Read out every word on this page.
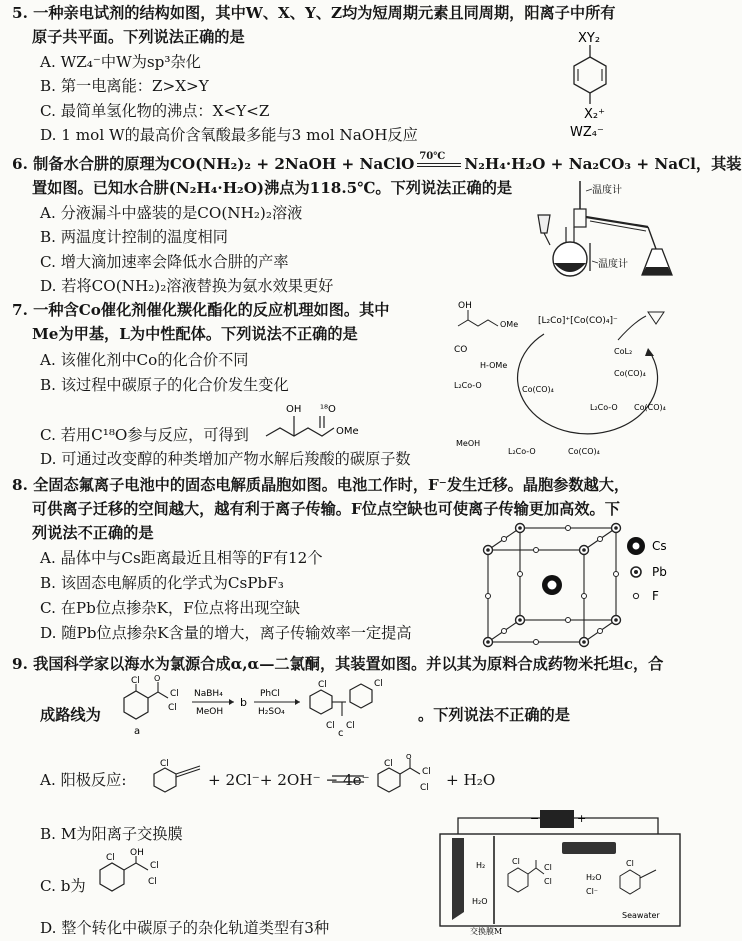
5. 一种亲电试剂的结构如图，其中W、X、Y、Z均为短周期元素且同周期，阳离子中所有
原子共平面。下列说法正确的是
A. WZ₄⁻中W为sp³杂化
B. 第一电离能：Z>X>Y
C. 最简单氢化物的沸点：X<Y<Z
D. 1 mol W的最高价含氧酸最多能与3 mol NaOH反应
XY₂
X₂⁺
WZ₄⁻
6. 制备水合肼的原理为CO(NH₂)₂ + 2NaOH + NaClO 70℃ N₂H₄·H₂O + Na₂CO₃ + NaCl，其装
置如图。已知水合肼(N₂H₄·H₂O)沸点为118.5℃。下列说法正确的是
A. 分液漏斗中盛装的是CO(NH₂)₂溶液
B. 两温度计控制的温度相同
C. 增大滴加速率会降低水合肼的产率
D. 若将CO(NH₂)₂溶液替换为氨水效果更好
温度计
温度计
7. 一种含Co催化剂催化羰化酯化的反应机理如图。其中
Me为甲基，L为中性配体。下列说法不正确的是
A. 该催化剂中Co的化合价不同
B. 该过程中碳原子的化合价发生变化
C. 若用C¹⁸O参与反应，可得到
OH ¹⁸O
OMe
D. 可通过改变醇的种类增加产物水解后羧酸的碳原子数
OH
OMe [L₂Co]⁺[Co(CO)₄]⁻
CO
H-OMe
CoL₂
Co(CO)₄
L₂Co-O	Co(CO)₄
L₂Co-O Co(CO)₄
MeOH
L₂Co-O	Co(CO)₄
8. 全固态氟离子电池中的固态电解质晶胞如图。电池工作时，F⁻发生迁移。晶胞参数越大，
可供离子迁移的空间越大，越有利于离子传输。F位点空缺也可使离子传输更加高效。下
列说法不正确的是
A. 晶体中与Cs距离最近且相等的F有12个
B. 该固态电解质的化学式为CsPbF₃
C. 在Pb位点掺杂K，F位点将出现空缺
D. 随Pb位点掺杂K含量的增大，离子传输效率一定提高
Cs
Pb
F
9. 我国科学家以海水为氯源合成α,α—二氯酮，其装置如图。并以其为原料合成药物米托坦c，合
成路线为
Cl O
Cl
Cl
a
NaBH₄
MeOH
b
PhCl
H₂SO₄
Cl	Cl
Cl Cl
c
。下列说法不正确的是
A. 阳极反应:
Cl
+ 2Cl⁻+ 2OH⁻ − 4e⁻
Cl
O
Cl
Cl + H₂O
B. M为阳离子交换膜
C. b为
Cl OH
Cl
Cl
D. 整个转化中碳原子的杂化轨道类型有3种
−	+
H₂
H₂O
Cl
Cl
Cl	H₂O
Cl⁻
Cl
Seawater
交换膜M
